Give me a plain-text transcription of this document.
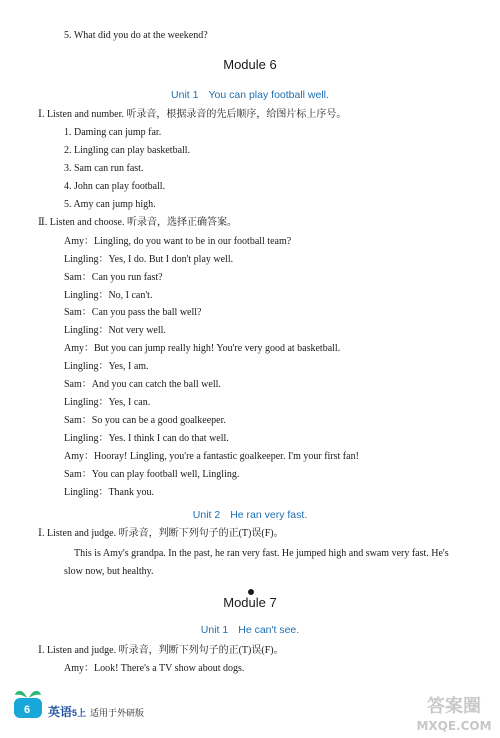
5. What did you do at the weekend?
Module 6
Unit 1 You can play football well.
Ⅰ. Listen and number. 听录音，根据录音的先后顺序，给图片标上序号。
1. Daming can jump far.
2. Lingling can play basketball.
3. Sam can run fast.
4. John can play football.
5. Amy can jump high.
Ⅱ. Listen and choose. 听录音，选择正确答案。
Amy：Lingling, do you want to be in our football team?
Lingling：Yes, I do. But I don't play well.
Sam：Can you run fast?
Lingling：No, I can't.
Sam：Can you pass the ball well?
Lingling：Not very well.
Amy：But you can jump really high! You're very good at basketball.
Lingling：Yes, I am.
Sam：And you can catch the ball well.
Lingling：Yes, I can.
Sam：So you can be a good goalkeeper.
Lingling：Yes. I think I can do that well.
Amy：Hooray! Lingling, you're a fantastic goalkeeper. I'm your first fan!
Sam：You can play football well, Lingling.
Lingling：Thank you.
Unit 2 He ran very fast.
Ⅰ. Listen and judge. 听录音，判断下列句子的正(T)误(F)。
This is Amy's grandpa. In the past, he ran very fast. He jumped high and swam very fast. He's
slow now, but healthy.
Module 7
Unit 1 He can't see.
Ⅰ. Listen and judge. 听录音，判断下列句子的正(T)误(F)。
Amy：Look! There's a TV show about dogs.
6	英语5上 适用于外研版	答案圈
MXQE.COM
